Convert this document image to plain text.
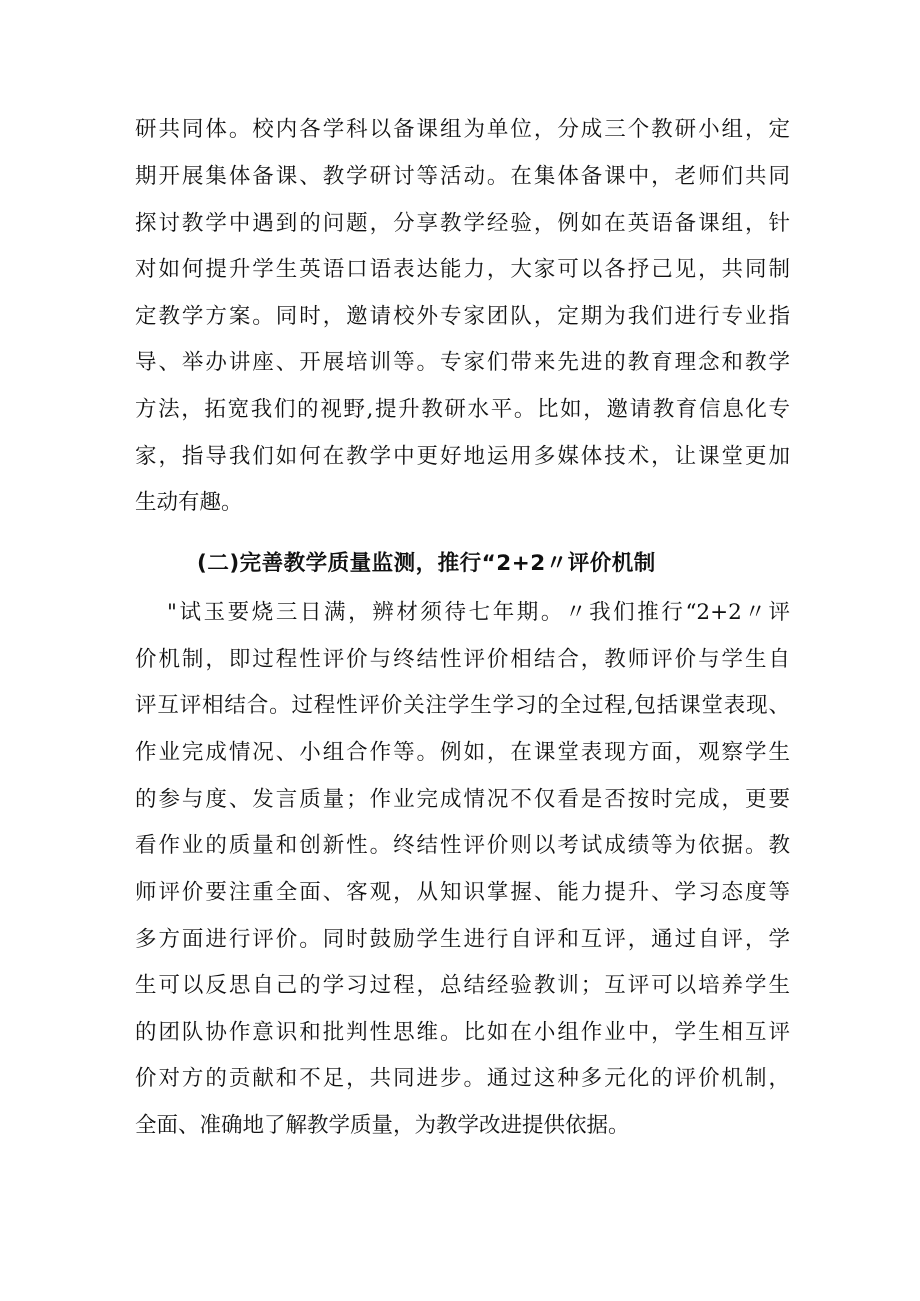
研共同体。校内各学科以备课组为单位，分成三个教研小组，定
期开展集体备课、教学研讨等活动。在集体备课中，老师们共同
探讨教学中遇到的问题，分享教学经验，例如在英语备课组，针
对如何提升学生英语口语表达能力，大家可以各抒己见，共同制
定教学方案。同时，邀请校外专家团队，定期为我们进行专业指
导、举办讲座、开展培训等。专家们带来先进的教育理念和教学
方法，拓宽我们的视野,提升教研水平。比如，邀请教育信息化专
家，指导我们如何在教学中更好地运用多媒体技术，让课堂更加
生动有趣。
(二)完善教学质量监测，推行“2+2〃评价机制
"试玉要烧三日满，辨材须待七年期。〃我们推行“2+2〃评
价机制，即过程性评价与终结性评价相结合，教师评价与学生自
评互评相结合。过程性评价关注学生学习的全过程,包括课堂表现、
作业完成情况、小组合作等。例如，在课堂表现方面，观察学生
的参与度、发言质量；作业完成情况不仅看是否按时完成，更要
看作业的质量和创新性。终结性评价则以考试成绩等为依据。教
师评价要注重全面、客观，从知识掌握、能力提升、学习态度等
多方面进行评价。同时鼓励学生进行自评和互评，通过自评，学
生可以反思自己的学习过程，总结经验教训；互评可以培养学生
的团队协作意识和批判性思维。比如在小组作业中，学生相互评
价对方的贡献和不足，共同进步。通过这种多元化的评价机制，
全面、准确地了解教学质量，为教学改进提供依据。
